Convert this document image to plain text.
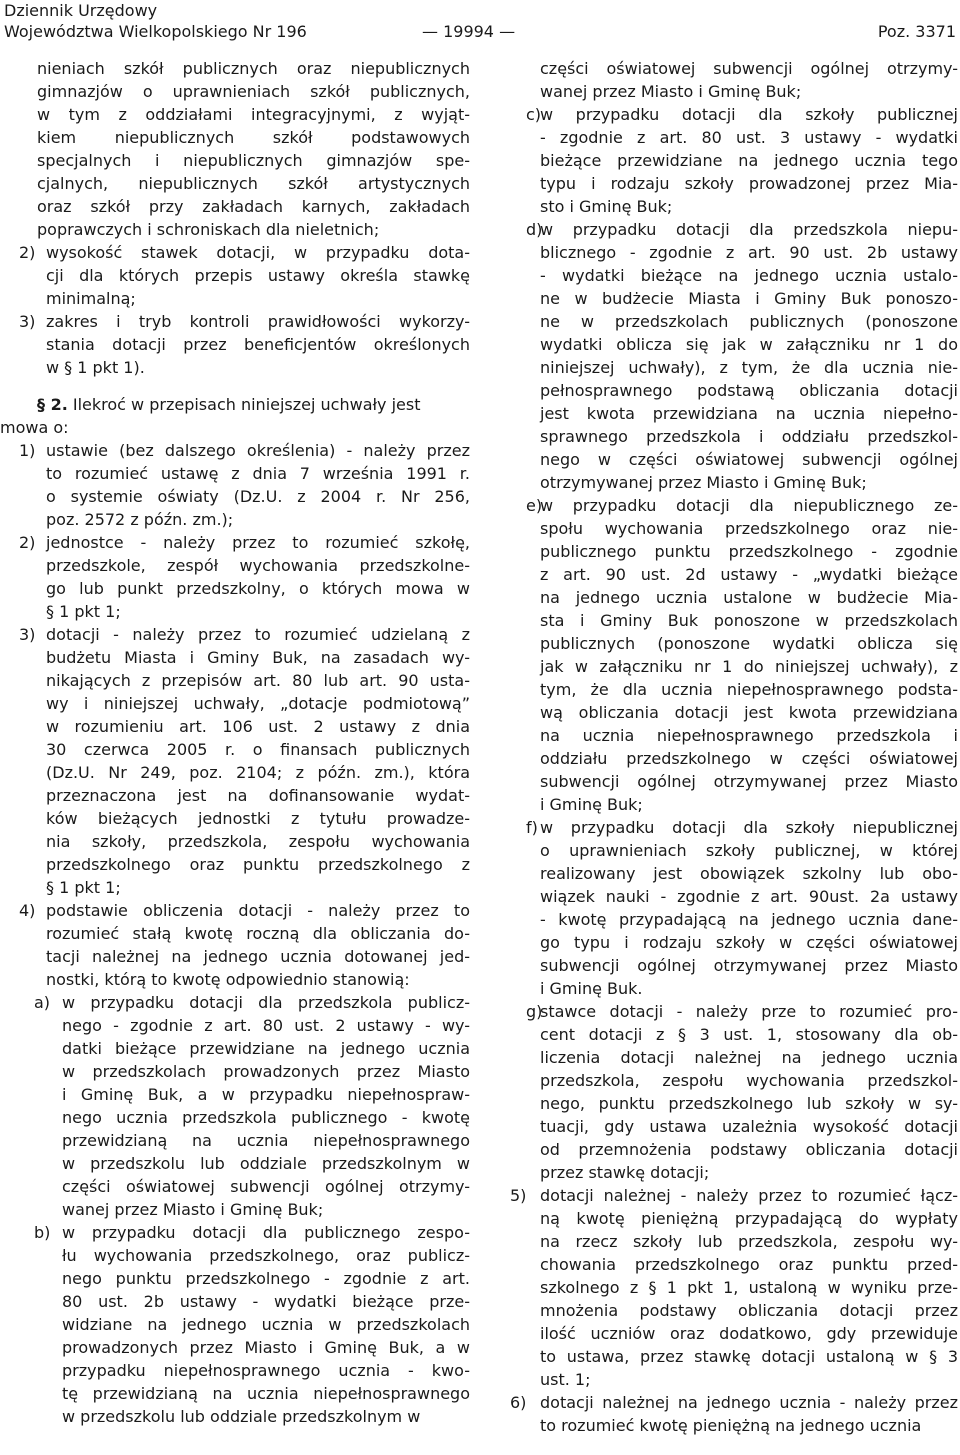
Dziennik Urzędowy
Województwa Wielkopolskiego Nr 196	— 19994 —	Poz. 3371
nieniach szkół publicznych oraz niepublicznych
gimnazjów o uprawnieniach szkół publicznych,
w tym z oddziałami integracyjnymi, z wyjąt-
kiem niepublicznych szkół podstawowych
specjalnych i niepublicznych gimnazjów spe-
cjalnych, niepublicznych szkół artystycznych
oraz szkół przy zakładach karnych, zakładach
poprawczych i schroniskach dla nieletnich;
2) wysokość stawek dotacji, w przypadku dota-
cji dla których przepis ustawy określa stawkę
minimalną;
3) zakres i tryb kontroli prawidłowości wykorzy-
stania dotacji przez beneficjentów określonych
w § 1 pkt 1).
§ 2. Ilekroć w przepisach niniejszej uchwały jest
mowa o:
1) ustawie (bez dalszego określenia) - należy przez
to rozumieć ustawę z dnia 7 września 1991 r.
o systemie oświaty (Dz.U. z 2004 r. Nr 256,
poz. 2572 z późn. zm.);
2) jednostce - należy przez to rozumieć szkołę,
przedszkole, zespół wychowania przedszkolne-
go lub punkt przedszkolny, o których mowa w
§ 1 pkt 1;
3) dotacji - należy przez to rozumieć udzielaną z
budżetu Miasta i Gminy Buk, na zasadach wy-
nikających z przepisów art. 80 lub art. 90 usta-
wy i niniejszej uchwały, „dotacje podmiotową”
w rozumieniu art. 106 ust. 2 ustawy z dnia
30 czerwca 2005 r. o finansach publicznych
(Dz.U. Nr 249, poz. 2104; z późn. zm.), która
przeznaczona jest na dofinansowanie wydat-
ków bieżących jednostki z tytułu prowadze-
nia szkoły, przedszkola, zespołu wychowania
przedszkolnego oraz punktu przedszkolnego z
§ 1 pkt 1;
4) podstawie obliczenia dotacji - należy przez to
rozumieć stałą kwotę roczną dla obliczania do-
tacji należnej na jednego ucznia dotowanej jed-
nostki, którą to kwotę odpowiednio stanowią:
a) w przypadku dotacji dla przedszkola publicz-
nego - zgodnie z art. 80 ust. 2 ustawy - wy-
datki bieżące przewidziane na jednego ucznia
w przedszkolach prowadzonych przez Miasto
i Gminę Buk, a w przypadku niepełnospraw-
nego ucznia przedszkola publicznego - kwotę
przewidzianą na ucznia niepełnosprawnego
w przedszkolu lub oddziale przedszkolnym w
części oświatowej subwencji ogólnej otrzymy-
wanej przez Miasto i Gminę Buk;
b) w przypadku dotacji dla publicznego zespo-
łu wychowania przedszkolnego, oraz publicz-
nego punktu przedszkolnego - zgodnie z art.
80 ust. 2b ustawy - wydatki bieżące prze-
widziane na jednego ucznia w przedszkolach
prowadzonych przez Miasto i Gminę Buk, a w
przypadku niepełnosprawnego ucznia - kwo-
tę przewidzianą na ucznia niepełnosprawnego
w przedszkolu lub oddziale przedszkolnym w
części oświatowej subwencji ogólnej otrzymy-
wanej przez Miasto i Gminę Buk;
c)
w przypadku dotacji dla szkoły publicznej
- zgodnie z art. 80 ust. 3 ustawy - wydatki
bieżące przewidziane na jednego ucznia tego
typu i rodzaju szkoły prowadzonej przez Mia-
sto i Gminę Buk;
d)
w przypadku dotacji dla przedszkola niepu-
blicznego - zgodnie z art. 90 ust. 2b ustawy
- wydatki bieżące na jednego ucznia ustalo-
ne w budżecie Miasta i Gminy Buk ponoszo-
ne w przedszkolach publicznych (ponoszone
wydatki oblicza się jak w załączniku nr 1 do
niniejszej uchwały), z tym, że dla ucznia nie-
pełnosprawnego podstawą obliczania dotacji
jest kwota przewidziana na ucznia niepełno-
sprawnego przedszkola i oddziału przedszkol-
nego w części oświatowej subwencji ogólnej
otrzymywanej przez Miasto i Gminę Buk;
e)
w przypadku dotacji dla niepublicznego ze-
społu wychowania przedszkolnego oraz nie-
publicznego punktu przedszkolnego - zgodnie
z art. 90 ust. 2d ustawy - „wydatki bieżące
na jednego ucznia ustalone w budżecie Mia-
sta i Gminy Buk ponoszone w przedszkolach
publicznych (ponoszone wydatki oblicza się
jak w załączniku nr 1 do niniejszej uchwały), z
tym, że dla ucznia niepełnosprawnego podsta-
wą obliczania dotacji jest kwota przewidziana
na ucznia niepełnosprawnego przedszkola i
oddziału przedszkolnego w części oświatowej
subwencji ogólnej otrzymywanej przez Miasto
i Gminę Buk;
f) w przypadku dotacji dla szkoły niepublicznej
o uprawnieniach szkoły publicznej, w której
realizowany jest obowiązek szkolny lub obo-
wiązek nauki - zgodnie z art. 90ust. 2a ustawy
- kwotę przypadającą na jednego ucznia dane-
go typu i rodzaju szkoły w części oświatowej
subwencji ogólnej otrzymywanej przez Miasto
i Gminę Buk.
g)
stawce dotacji - należy prze to rozumieć pro-
cent dotacji z § 3 ust. 1, stosowany dla ob-
liczenia dotacji należnej na jednego ucznia
przedszkola, zespołu wychowania przedszkol-
nego, punktu przedszkolnego lub szkoły w sy-
tuacji, gdy ustawa uzależnia wysokość dotacji
od przemnożenia podstawy obliczania dotacji
przez stawkę dotacji;
5) dotacji należnej - należy przez to rozumieć łącz-
ną kwotę pieniężną przypadającą do wypłaty
na rzecz szkoły lub przedszkola, zespołu wy-
chowania przedszkolnego oraz punktu przed-
szkolnego z § 1 pkt 1, ustaloną w wyniku prze-
mnożenia podstawy obliczania dotacji przez
ilość uczniów oraz dodatkowo, gdy przewiduje
to ustawa, przez stawkę dotacji ustaloną w § 3
ust. 1;
6) dotacji należnej na jednego ucznia - należy przez
to rozumieć kwotę pieniężną na jednego ucznia
